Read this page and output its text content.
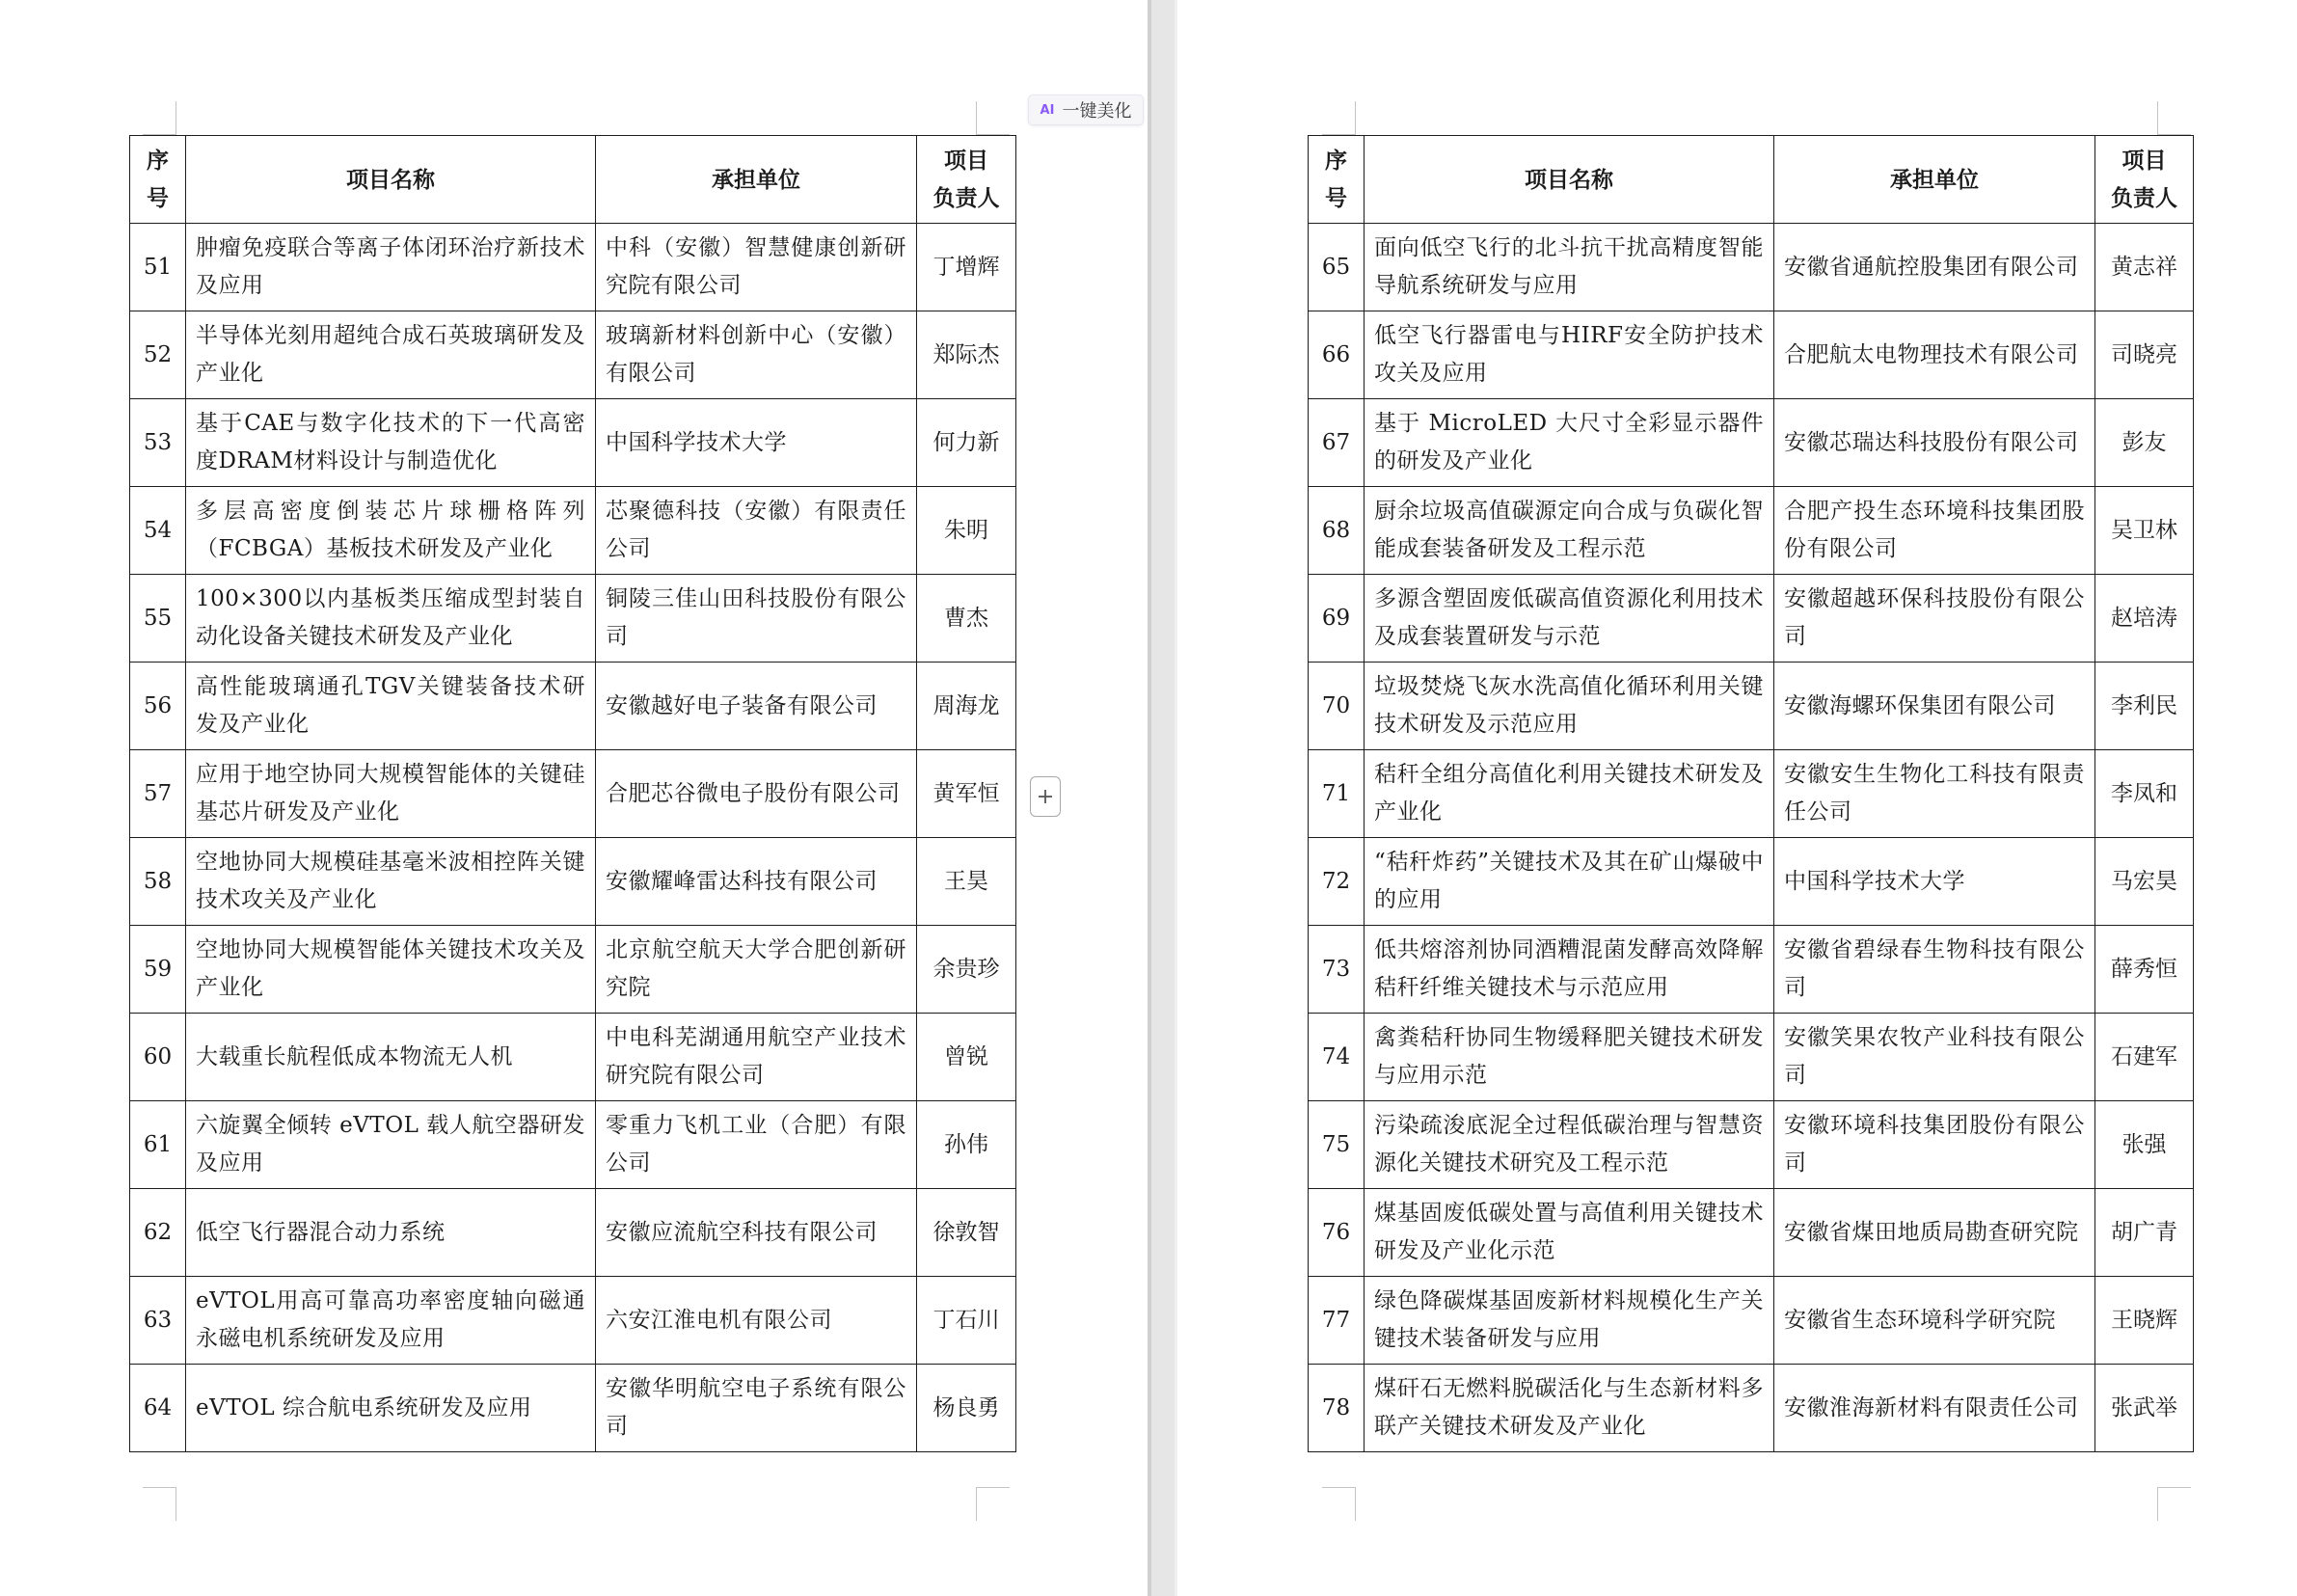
序
号	项目名称	承担单位	项目
负责人
51	肿瘤免疫联合等离子体闭环治疗新技术及应用	中科（安徽）智慧健康创新研究院有限公司	丁增辉
52	半导体光刻用超纯合成石英玻璃研发及产业化	玻璃新材料创新中心（安徽）有限公司	郑际杰
53	基于CAE与数字化技术的下一代高密度DRAM材料设计与制造优化	中国科学技术大学	何力新
54	多层高密度倒装芯片球栅格阵列（FCBGA）基板技术研发及产业化	芯聚德科技（安徽）有限责任公司	朱明
55	100×300以内基板类压缩成型封装自动化设备关键技术研发及产业化	铜陵三佳山田科技股份有限公司	曹杰
56	高性能玻璃通孔TGV关键装备技术研发及产业化	安徽越好电子装备有限公司	周海龙
57	应用于地空协同大规模智能体的关键硅基芯片研发及产业化	合肥芯谷微电子股份有限公司	黄军恒
58	空地协同大规模硅基毫米波相控阵关键技术攻关及产业化	安徽耀峰雷达科技有限公司	王昊
59	空地协同大规模智能体关键技术攻关及产业化	北京航空航天大学合肥创新研究院	余贵珍
60	大载重长航程低成本物流无人机	中电科芜湖通用航空产业技术研究院有限公司	曾锐
61	六旋翼全倾转 eVTOL 载人航空器研发及应用	零重力飞机工业（合肥）有限公司	孙伟
62	低空飞行器混合动力系统	安徽应流航空科技有限公司	徐敦智
63	eVTOL用高可靠高功率密度轴向磁通永磁电机系统研发及应用	六安江淮电机有限公司	丁石川
64	eVTOL 综合航电系统研发及应用	安徽华明航空电子系统有限公司	杨良勇
AI 一键美化
序
号	项目名称	承担单位	项目
负责人
65	面向低空飞行的北斗抗干扰高精度智能导航系统研发与应用	安徽省通航控股集团有限公司	黄志祥
66	低空飞行器雷电与HIRF安全防护技术攻关及应用	合肥航太电物理技术有限公司	司晓亮
67	基于 MicroLED 大尺寸全彩显示器件的研发及产业化	安徽芯瑞达科技股份有限公司	彭友
68	厨余垃圾高值碳源定向合成与负碳化智能成套装备研发及工程示范	合肥产投生态环境科技集团股份有限公司	吴卫林
69	多源含塑固废低碳高值资源化利用技术及成套装置研发与示范	安徽超越环保科技股份有限公司	赵培涛
70	垃圾焚烧飞灰水洗高值化循环利用关键技术研发及示范应用	安徽海螺环保集团有限公司	李利民
71	秸秆全组分高值化利用关键技术研发及产业化	安徽安生生物化工科技有限责任公司	李凤和
72	“秸秆炸药”关键技术及其在矿山爆破中的应用	中国科学技术大学	马宏昊
73	低共熔溶剂协同酒糟混菌发酵高效降解秸秆纤维关键技术与示范应用	安徽省碧绿春生物科技有限公司	薛秀恒
74	禽粪秸秆协同生物缓释肥关键技术研发与应用示范	安徽笑果农牧产业科技有限公司	石建军
75	污染疏浚底泥全过程低碳治理与智慧资源化关键技术研究及工程示范	安徽环境科技集团股份有限公司	张强
76	煤基固废低碳处置与高值利用关键技术研发及产业化示范	安徽省煤田地质局勘查研究院	胡广青
77	绿色降碳煤基固废新材料规模化生产关键技术装备研发与应用	安徽省生态环境科学研究院	王晓辉
78	煤矸石无燃料脱碳活化与生态新材料多联产关键技术研发及产业化	安徽淮海新材料有限责任公司	张武举
